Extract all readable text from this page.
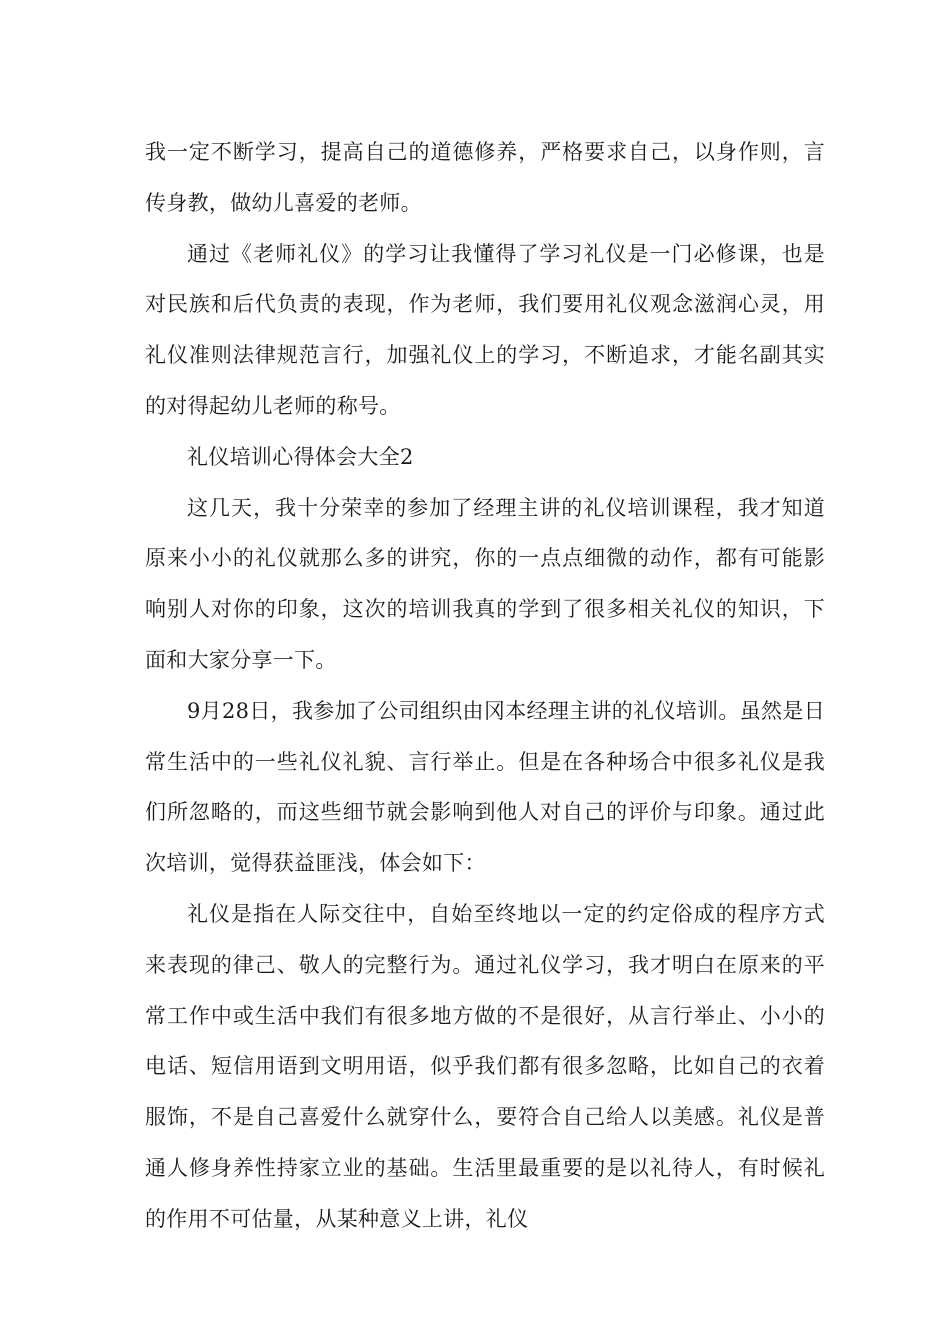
我一定不断学习，提高自己的道德修养，严格要求自己，以身作则，言传身教，做幼儿喜爱的老师。

通过《老师礼仪》的学习让我懂得了学习礼仪是一门必修课，也是对民族和后代负责的表现，作为老师，我们要用礼仪观念滋润心灵，用礼仪准则法律规范言行，加强礼仪上的学习，不断追求，才能名副其实的对得起幼儿老师的称号。

礼仪培训心得体会大全2

这几天，我十分荣幸的参加了经理主讲的礼仪培训课程，我才知道原来小小的礼仪就那么多的讲究，你的一点点细微的动作，都有可能影响别人对你的印象，这次的培训我真的学到了很多相关礼仪的知识，下面和大家分享一下。

9月28日，我参加了公司组织由冈本经理主讲的礼仪培训。虽然是日常生活中的一些礼仪礼貌、言行举止。但是在各种场合中很多礼仪是我们所忽略的，而这些细节就会影响到他人对自己的评价与印象。通过此次培训，觉得获益匪浅，体会如下：

礼仪是指在人际交往中，自始至终地以一定的约定俗成的程序方式来表现的律己、敬人的完整行为。通过礼仪学习，我才明白在原来的平常工作中或生活中我们有很多地方做的不是很好，从言行举止、小小的电话、短信用语到文明用语，似乎我们都有很多忽略，比如自己的衣着服饰，不是自己喜爱什么就穿什么，要符合自己给人以美感。礼仪是普通人修身养性持家立业的基础。生活里最重要的是以礼待人，有时候礼的作用不可估量，从某种意义上讲，礼仪
